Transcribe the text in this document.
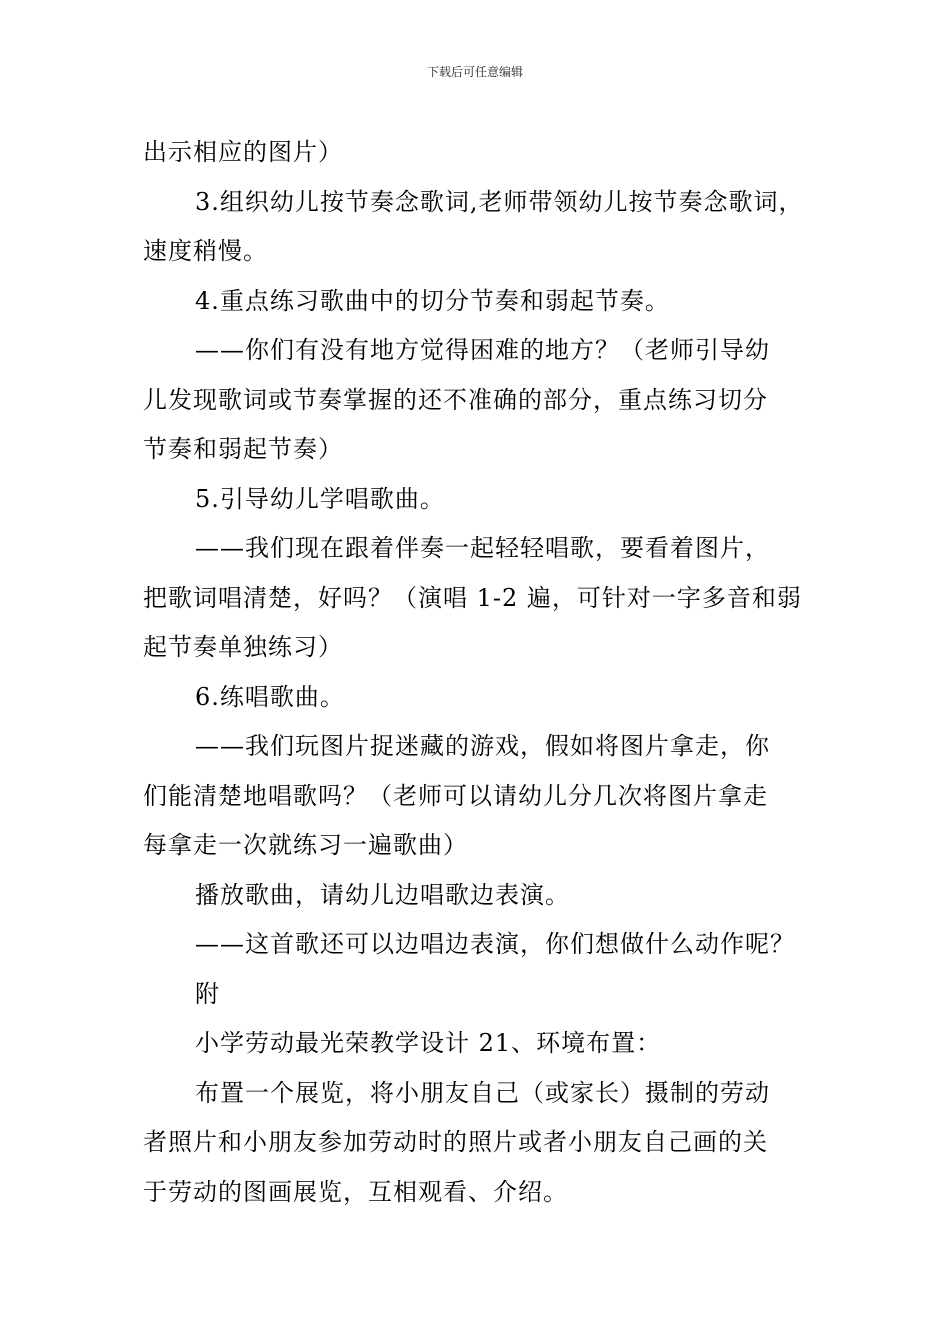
下载后可任意编辑

出示相应的图片）

3.组织幼儿按节奏念歌词,老师带领幼儿按节奏念歌词，

速度稍慢。

4.重点练习歌曲中的切分节奏和弱起节奏。

——你们有没有地方觉得困难的地方？（老师引导幼

儿发现歌词或节奏掌握的还不准确的部分，重点练习切分

节奏和弱起节奏）

5.引导幼儿学唱歌曲。

——我们现在跟着伴奏一起轻轻唱歌，要看着图片，

把歌词唱清楚，好吗？（演唱 1-2 遍，可针对一字多音和弱

起节奏单独练习）

6.练唱歌曲。

——我们玩图片捉迷藏的游戏，假如将图片拿走，你

们能清楚地唱歌吗？（老师可以请幼儿分几次将图片拿走

每拿走一次就练习一遍歌曲）

播放歌曲，请幼儿边唱歌边表演。

——这首歌还可以边唱边表演，你们想做什么动作呢？

附

小学劳动最光荣教学设计 21、环境布置：

布置一个展览，将小朋友自己（或家长）摄制的劳动

者照片和小朋友参加劳动时的照片或者小朋友自己画的关

于劳动的图画展览，互相观看、介绍。
